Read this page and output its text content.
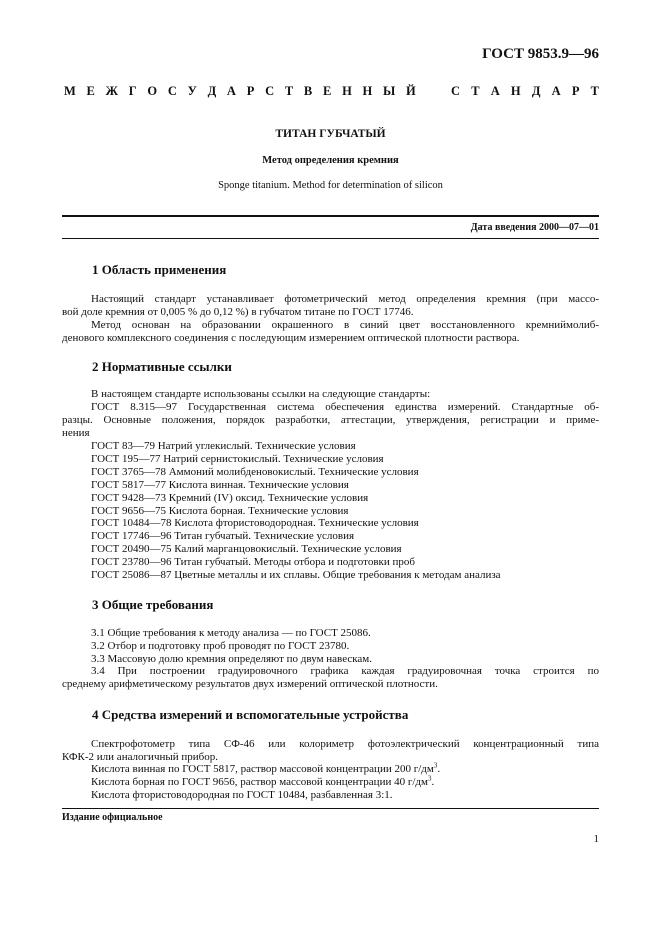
ГОСТ 9853.9—96
М Е Ж Г О С У Д А Р С Т В Е Н Н Ы Й	С Т А Н Д А Р Т
ТИТАН ГУБЧАТЫЙ
Метод определения кремния
Sponge titanium. Method for determination of silicon
Дата введения 2000—07—01
1 Область применения
Настоящий стандарт устанавливает фотометрический метод определения кремния (при массо-
вой доле кремния от 0,005 % до 0,12 %) в губчатом титане по ГОСТ 17746.
Метод основан на образовании окрашенного в синий цвет восстановленного кремниймолиб-
денового комплексного соединения с последующим измерением оптической плотности раствора.
2 Нормативные ссылки
В настоящем стандарте использованы ссылки на следующие стандарты:
ГОСТ 8.315—97 Государственная система обеспечения единства измерений. Стандартные об-
разцы. Основные положения, порядок разработки, аттестации, утверждения, регистрации и приме-
нения
ГОСТ 83—79 Натрий углекислый. Технические условия
ГОСТ 195—77 Натрий сернистокислый. Технические условия
ГОСТ 3765—78 Аммоний молибденовокислый. Технические условия
ГОСТ 5817—77 Кислота винная. Технические условия
ГОСТ 9428—73 Кремний (IV) оксид. Технические условия
ГОСТ 9656—75 Кислота борная. Технические условия
ГОСТ 10484—78 Кислота фтористоводородная. Технические условия
ГОСТ 17746—96 Титан губчатый. Технические условия
ГОСТ 20490—75 Калий марганцовокислый. Технические условия
ГОСТ 23780—96 Титан губчатый. Методы отбора и подготовки проб
ГОСТ 25086—87 Цветные металлы и их сплавы. Общие требования к методам анализа
3 Общие требования
3.1 Общие требования к методу анализа — по ГОСТ 25086.
3.2 Отбор и подготовку проб проводят по ГОСТ 23780.
3.3 Массовую долю кремния определяют по двум навескам.
3.4 При построении градуировочного графика каждая градуировочная точка строится по
среднему арифметическому результатов двух измерений оптической плотности.
4 Средства измерений и вспомогательные устройства
Спектрофотометр типа СФ-46 или колориметр фотоэлектрический концентрационный типа
КФК-2 или аналогичный прибор.
Кислота винная по ГОСТ 5817, раствор массовой концентрации 200 $г/дм^3$.
Кислота борная по ГОСТ 9656, раствор массовой концентрации 40 $г/дм^3$.
Кислота фтористоводородная по ГОСТ 10484, разбавленная 3:1.
Издание официальное
1
